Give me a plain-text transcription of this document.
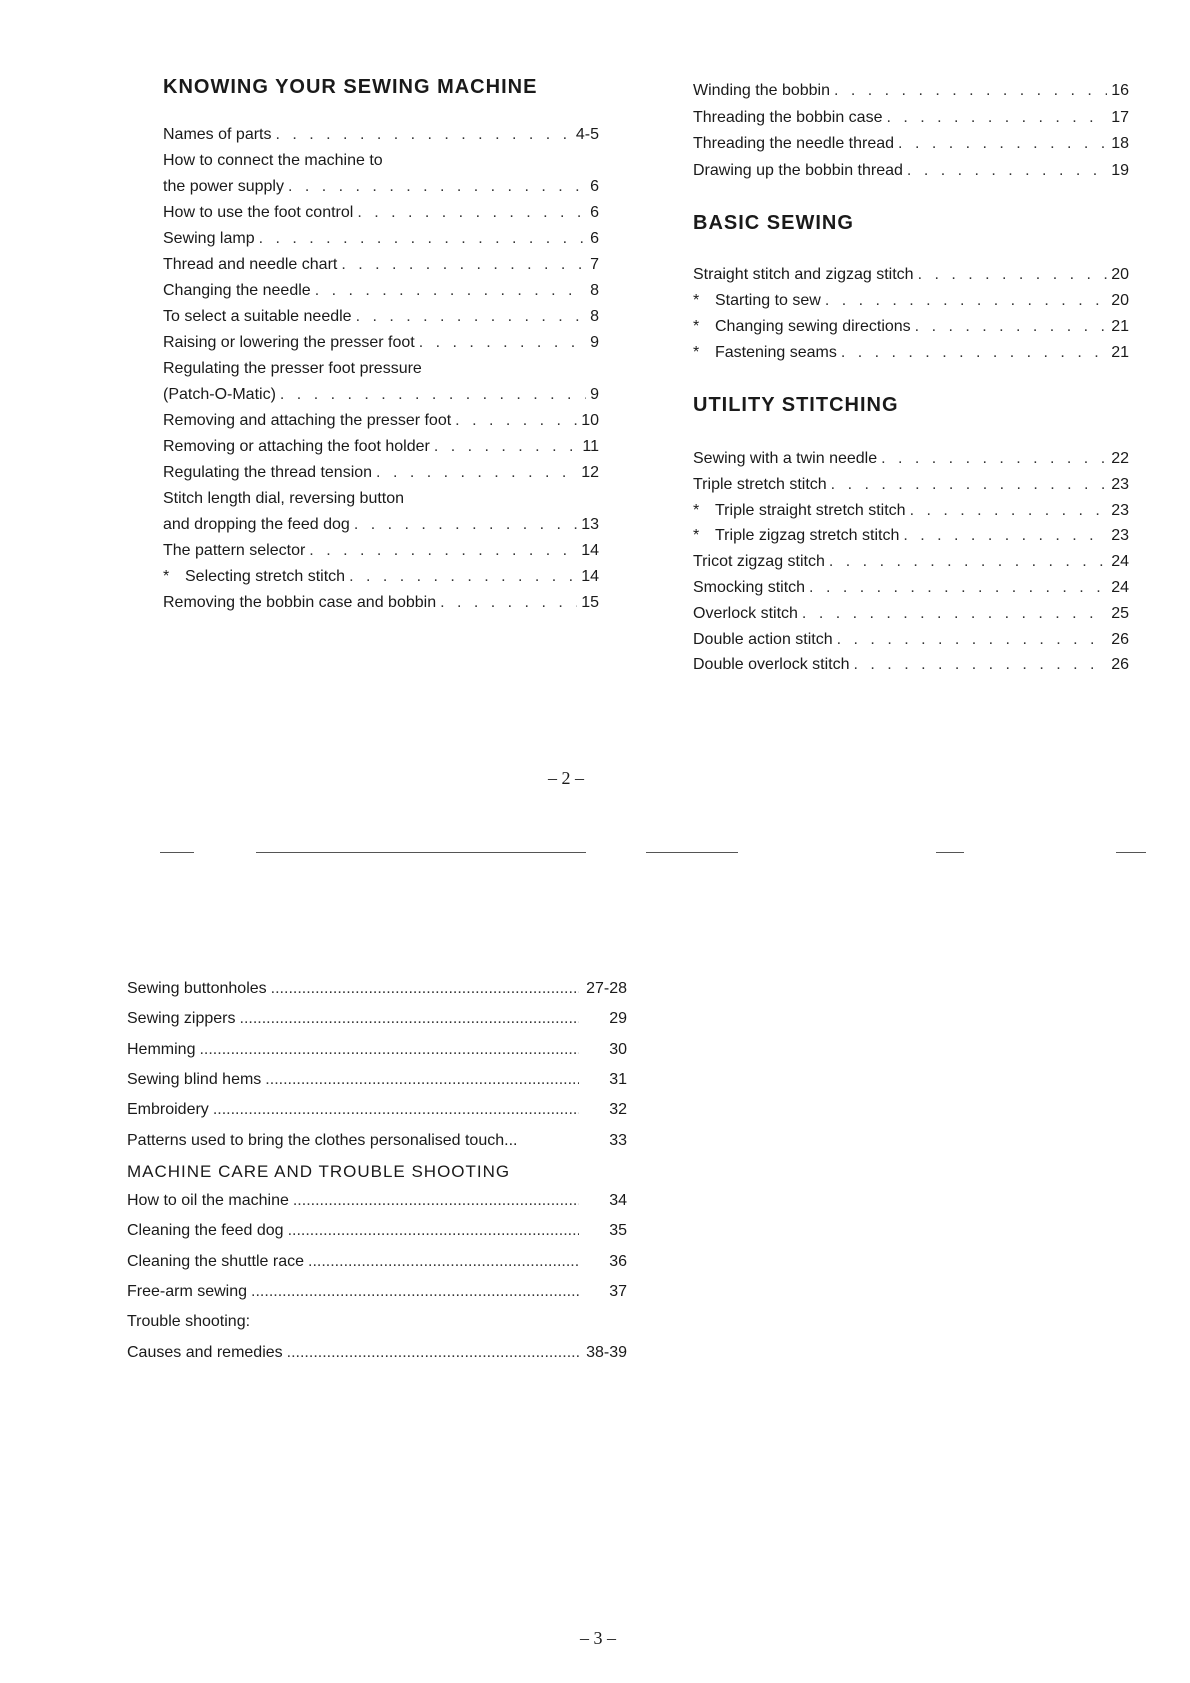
KNOWING YOUR SEWING MACHINE
Names of parts . . .	4-5
How to connect the machine to
the power supply . . .	6
How to use the foot control . . .	6
Sewing lamp . . .	6
Thread and needle chart . . .	7
Changing the needle . . .	8
To select a suitable needle . . .	8
Raising or lowering the presser foot . . .	9
Regulating the presser foot pressure
(Patch-O-Matic) . . .	9
Removing and attaching the presser foot . . .	10
Removing or attaching the foot holder . . .	11
Regulating the thread tension . . .	12
Stitch length dial, reversing button
and dropping the feed dog . . .	13
The pattern selector . . .	14
* Selecting stretch stitch . . .	14
Removing the bobbin case and bobbin . . .	15
Winding the bobbin . . .	16
Threading the bobbin case . . .	17
Threading the needle thread . . .	18
Drawing up the bobbin thread . . .	19
BASIC SEWING
Straight stitch and zigzag stitch . . .	20
* Starting to sew . . .	20
* Changing sewing directions . . .	21
* Fastening seams . . .	21
UTILITY STITCHING
Sewing with a twin needle . . .	22
Triple stretch stitch . . .	23
* Triple straight stretch stitch . . .	23
* Triple zigzag stretch stitch . . .	23
Tricot zigzag stitch . . .	24
Smocking stitch . . .	24
Overlock stitch . . .	25
Double action stitch . . .	26
Double overlock stitch . . .	26
– 2 –
Sewing buttonholes .....	27-28
Sewing zippers .....	29
Hemming .....	30
Sewing blind hems .....	31
Embroidery .....	32
Patterns used to bring the clothes personalised touch...	33
MACHINE CARE AND TROUBLE SHOOTING
How to oil the machine .....	34
Cleaning the feed dog .....	35
Cleaning the shuttle race .....	36
Free-arm sewing .....	37
Trouble shooting:
Causes and remedies .....	38-39
– 3 –
